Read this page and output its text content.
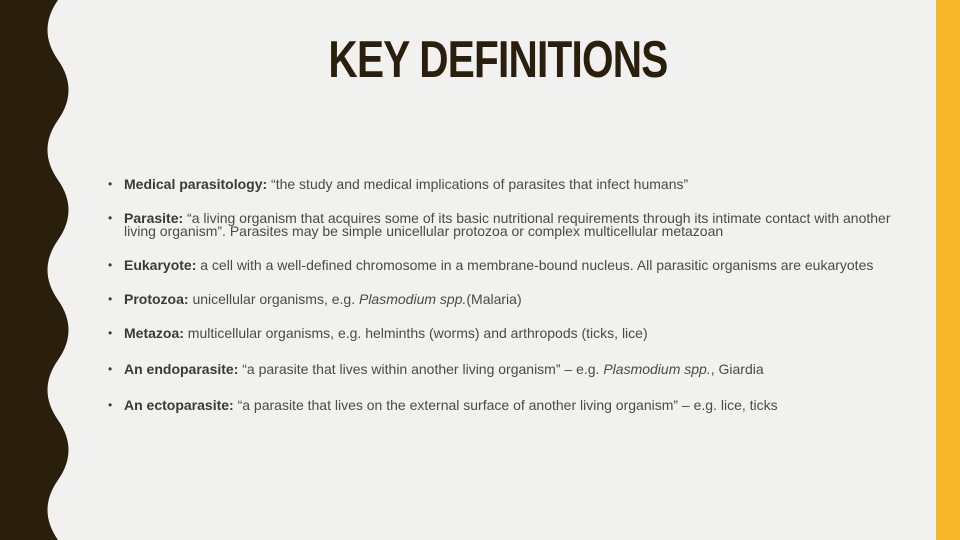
KEY DEFINITIONS
• Medical parasitology: “the study and medical implications of parasites that infect humans”
• Parasite: “a living organism that acquires some of its basic nutritional requirements through its intimate contact with another living organism”. Parasites may be simple unicellular protozoa or complex multicellular metazoan
• Eukaryote: a cell with a well-defined chromosome in a membrane-bound nucleus. All parasitic organisms are eukaryotes
• Protozoa: unicellular organisms, e.g. Plasmodium spp.(Malaria)
• Metazoa: multicellular organisms, e.g. helminths (worms) and arthropods (ticks, lice)
• An endoparasite: “a parasite that lives within another living organism” – e.g. Plasmodium spp., Giardia
• An ectoparasite: “a parasite that lives on the external surface of another living organism” – e.g. lice, ticks
